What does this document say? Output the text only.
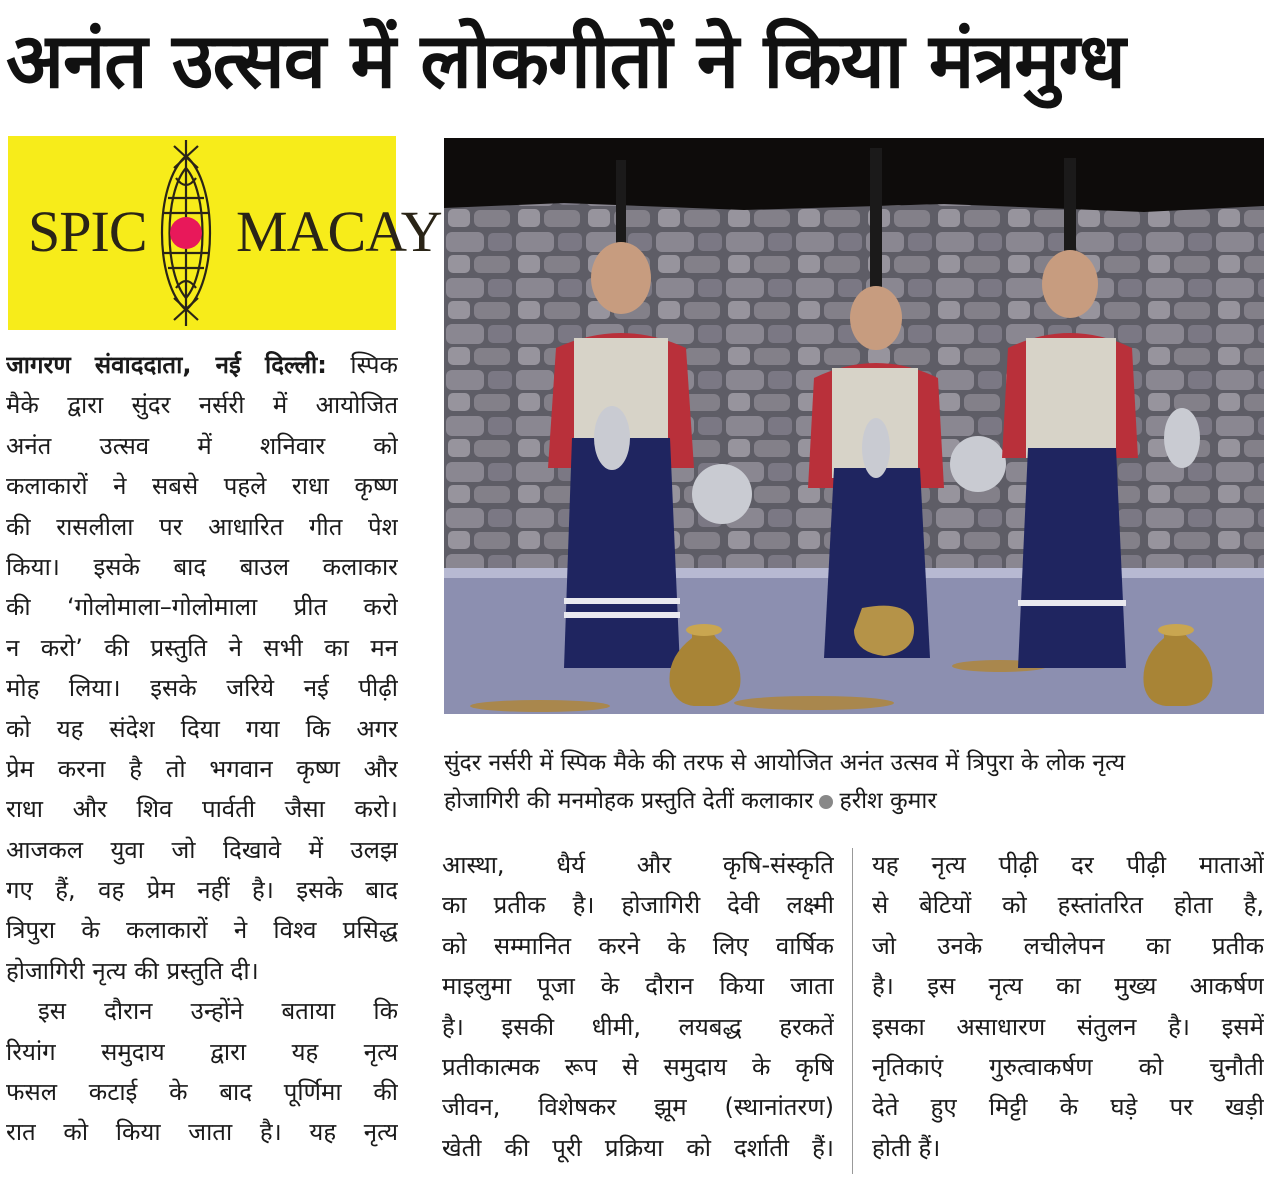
अनंत उत्सव में लोकगीतों ने किया मंत्रमुग्ध
SPIC MACAY
जागरण संवाददाता, नई दिल्ली: स्पिक
मैके द्वारा सुंदर नर्सरी में आयोजित
अनंत उत्सव में शनिवार को
कलाकारों ने सबसे पहले राधा कृष्ण
की रासलीला पर आधारित गीत पेश
किया। इसके बाद बाउल कलाकार
की ‘गोलोमाला–गोलोमाला प्रीत करो
न करो’ की प्रस्तुति ने सभी का मन
मोह लिया। इसके जरिये नई पीढ़ी
को यह संदेश दिया गया कि अगर
प्रेम करना है तो भगवान कृष्ण और
राधा और शिव पार्वती जैसा करो।
आजकल युवा जो दिखावे में उलझ
गए हैं, वह प्रेम नहीं है। इसके बाद
त्रिपुरा के कलाकारों ने विश्व प्रसिद्ध
होजागिरी नृत्य की प्रस्तुति दी।
इस दौरान उन्होंने बताया कि
रियांग समुदाय द्वारा यह नृत्य
फसल कटाई के बाद पूर्णिमा की
रात को किया जाता है। यह नृत्य
सुंदर नर्सरी में स्पिक मैके की तरफ से आयोजित अनंत उत्सव में त्रिपुरा के लोक नृत्य
होजागिरी की मनमोहक प्रस्तुति देतीं कलाकार हरीश कुमार
आस्था, धैर्य और कृषि-संस्कृति
का प्रतीक है। होजागिरी देवी लक्ष्मी
को सम्मानित करने के लिए वार्षिक
माइलुमा पूजा के दौरान किया जाता
है। इसकी धीमी, लयबद्ध हरकतें
प्रतीकात्मक रूप से समुदाय के कृषि
जीवन, विशेषकर झूम (स्थानांतरण)
खेती की पूरी प्रक्रिया को दर्शाती हैं।
यह नृत्य पीढ़ी दर पीढ़ी माताओं
से बेटियों को हस्तांतरित होता है,
जो उनके लचीलेपन का प्रतीक
है। इस नृत्य का मुख्य आकर्षण
इसका असाधारण संतुलन है। इसमें
नृतिकाएं गुरुत्वाकर्षण को चुनौती
देते हुए मिट्टी के घड़े पर खड़ी
होती हैं।
